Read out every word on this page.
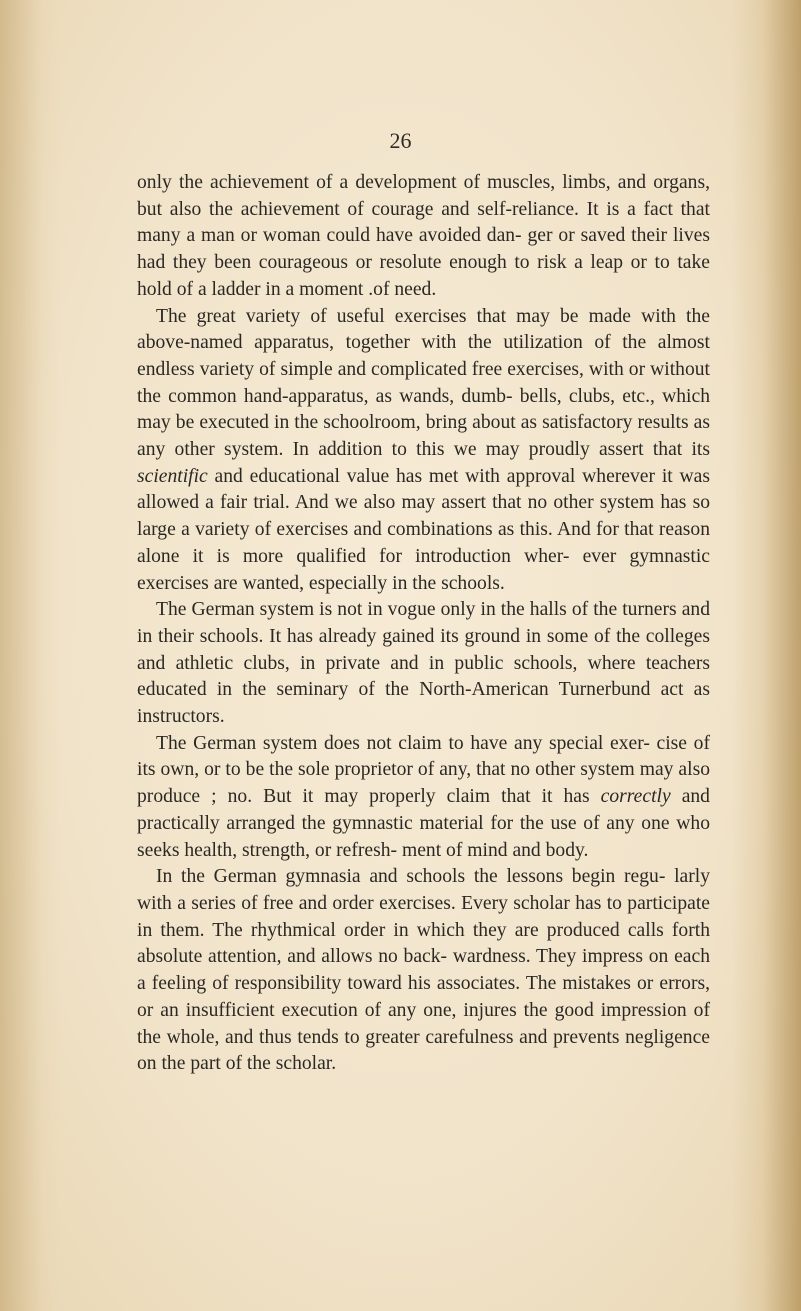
26

only the achievement of a development of muscles, limbs, and organs, but also the achievement of courage and self-reliance. It is a fact that many a man or woman could have avoided dan- ger or saved their lives had they been courageous or resolute enough to risk a leap or to take hold of a ladder in a moment .of need.

The great variety of useful exercises that may be made with the above-named apparatus, together with the utilization of the almost endless variety of simple and complicated free exercises, with or without the common hand-apparatus, as wands, dumb- bells, clubs, etc., which may be executed in the schoolroom, bring about as satisfactory results as any other system. In addition to this we may proudly assert that its scientific and educational value has met with approval wherever it was allowed a fair trial. And we also may assert that no other system has so large a variety of exercises and combinations as this. And for that reason alone it is more qualified for introduction wher- ever gymnastic exercises are wanted, especially in the schools.

The German system is not in vogue only in the halls of the turners and in their schools. It has already gained its ground in some of the colleges and athletic clubs, in private and in public schools, where teachers educated in the seminary of the North-American Turnerbund act as instructors.

The German system does not claim to have any special exer- cise of its own, or to be the sole proprietor of any, that no other system may also produce ; no. But it may properly claim that it has correctly and practically arranged the gymnastic material for the use of any one who seeks health, strength, or refresh- ment of mind and body.

In the German gymnasia and schools the lessons begin regu- larly with a series of free and order exercises. Every scholar has to participate in them. The rhythmical order in which they are produced calls forth absolute attention, and allows no back- wardness. They impress on each a feeling of responsibility toward his associates. The mistakes or errors, or an insufficient execution of any one, injures the good impression of the whole, and thus tends to greater carefulness and prevents negligence on the part of the scholar.
